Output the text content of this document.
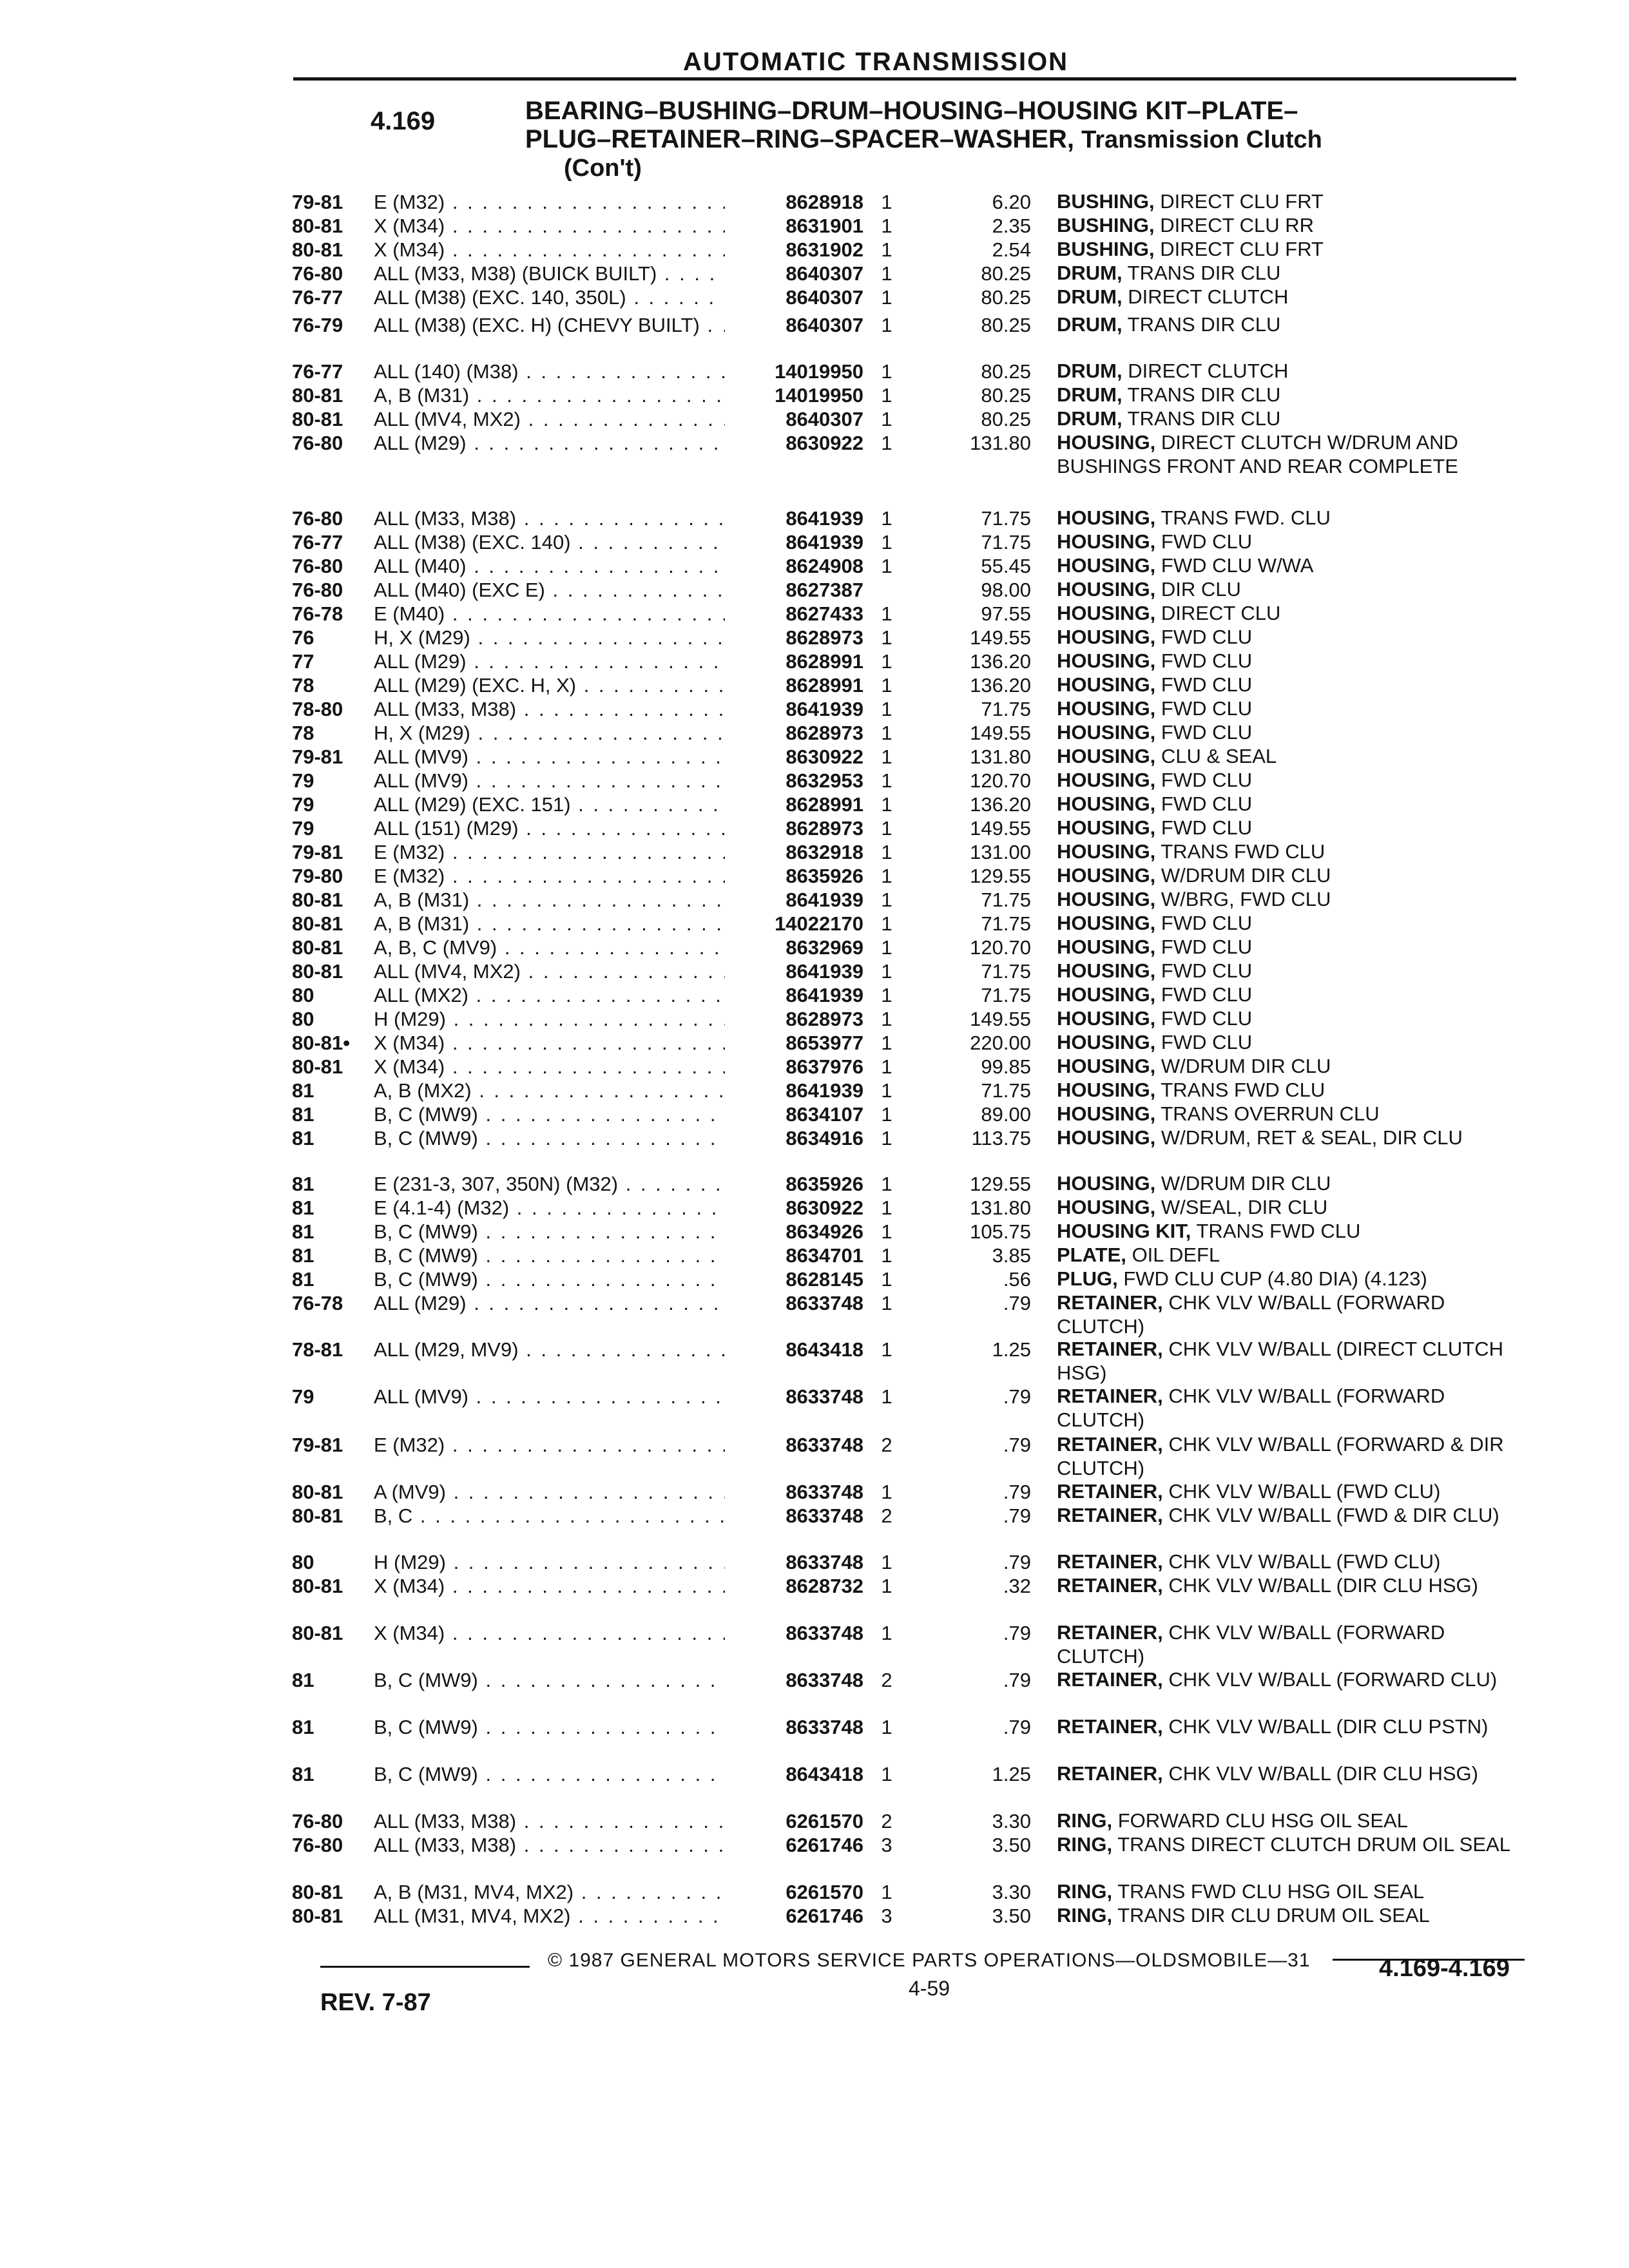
AUTOMATIC TRANSMISSION
4.169	BEARING–BUSHING–DRUM–HOUSING–HOUSING KIT–PLATE–
PLUG–RETAINER–RING–SPACER–WASHER, Transmission Clutch
(Con't)
79-81	E (M32) . . .	8628918 1	6.20 BUSHING, DIRECT CLU FRT
80-81	X (M34) . . .	8631901 1	2.35 BUSHING, DIRECT CLU RR
80-81	X (M34) . . .	8631902 1	2.54 BUSHING, DIRECT CLU FRT
76-80	ALL (M33, M38) (BUICK BUILT) . . .	8640307 1	80.25 DRUM, TRANS DIR CLU
76-77	ALL (M38) (EXC. 140, 350L) . . .	8640307 1	80.25 DRUM, DIRECT CLUTCH
76-79	ALL (M38) (EXC. H) (CHEVY BUILT) . . .	8640307 1	80.25 DRUM, TRANS DIR CLU
76-77	ALL (140) (M38) . . .	14019950 1	80.25 DRUM, DIRECT CLUTCH
80-81	A, B (M31) . . .	14019950 1	80.25 DRUM, TRANS DIR CLU
80-81	ALL (MV4, MX2) . . .	8640307 1	80.25 DRUM, TRANS DIR CLU
76-80	ALL (M29) . . .	8630922 1	131.80 HOUSING, DIRECT CLUTCH W/DRUM AND BUSHINGS FRONT AND REAR COMPLETE
76-80	ALL (M33, M38) . . .	8641939 1	71.75 HOUSING, TRANS FWD. CLU
76-77	ALL (M38) (EXC. 140) . . .	8641939 1	71.75 HOUSING, FWD CLU
76-80	ALL (M40) . . .	8624908 1	55.45 HOUSING, FWD CLU W/WA
76-80	ALL (M40) (EXC E) . . .	8627387	98.00 HOUSING, DIR CLU
76-78	E (M40) . . .	8627433 1	97.55 HOUSING, DIRECT CLU
76	H, X (M29) . . .	8628973 1	149.55 HOUSING, FWD CLU
77	ALL (M29) . . .	8628991 1	136.20 HOUSING, FWD CLU
78	ALL (M29) (EXC. H, X) . . .	8628991 1	136.20 HOUSING, FWD CLU
78-80	ALL (M33, M38) . . .	8641939 1	71.75 HOUSING, FWD CLU
78	H, X (M29) . . .	8628973 1	149.55 HOUSING, FWD CLU
79-81	ALL (MV9) . . .	8630922 1	131.80 HOUSING, CLU & SEAL
79	ALL (MV9) . . .	8632953 1	120.70 HOUSING, FWD CLU
79	ALL (M29) (EXC. 151) . . .	8628991 1	136.20 HOUSING, FWD CLU
79	ALL (151) (M29) . . .	8628973 1	149.55 HOUSING, FWD CLU
79-81	E (M32) . . .	8632918 1	131.00 HOUSING, TRANS FWD CLU
79-80	E (M32) . . .	8635926 1	129.55 HOUSING, W/DRUM DIR CLU
80-81	A, B (M31) . . .	8641939 1	71.75 HOUSING, W/BRG, FWD CLU
80-81	A, B (M31) . . .	14022170 1	71.75 HOUSING, FWD CLU
80-81	A, B, C (MV9) . . .	8632969 1	120.70 HOUSING, FWD CLU
80-81	ALL (MV4, MX2) . . .	8641939 1	71.75 HOUSING, FWD CLU
80	ALL (MX2) . . .	8641939 1	71.75 HOUSING, FWD CLU
80	H (M29) . . .	8628973 1	149.55 HOUSING, FWD CLU
80-81•	X (M34) . . .	8653977 1	220.00 HOUSING, FWD CLU
80-81	X (M34) . . .	8637976 1	99.85 HOUSING, W/DRUM DIR CLU
81	A, B (MX2) . . .	8641939 1	71.75 HOUSING, TRANS FWD CLU
81	B, C (MW9) . . .	8634107 1	89.00 HOUSING, TRANS OVERRUN CLU
81	B, C (MW9) . . .	8634916 1	113.75 HOUSING, W/DRUM, RET & SEAL, DIR CLU
81	E (231-3, 307, 350N) (M32) . . .	8635926 1	129.55 HOUSING, W/DRUM DIR CLU
81	E (4.1-4) (M32) . . .	8630922 1	131.80 HOUSING, W/SEAL, DIR CLU
81	B, C (MW9) . . .	8634926 1	105.75 HOUSING KIT, TRANS FWD CLU
81	B, C (MW9) . . .	8634701 1	3.85 PLATE, OIL DEFL
81	B, C (MW9) . . .	8628145 1	.56 PLUG, FWD CLU CUP (4.80 DIA) (4.123)
76-78	ALL (M29) . . .	8633748 1	.79 RETAINER, CHK VLV W/BALL (FORWARD CLUTCH)
78-81	ALL (M29, MV9) . . .	8643418 1	1.25 RETAINER, CHK VLV W/BALL (DIRECT CLUTCH HSG)
79	ALL (MV9) . . .	8633748 1	.79 RETAINER, CHK VLV W/BALL (FORWARD CLUTCH)
79-81	E (M32) . . .	8633748 2	.79 RETAINER, CHK VLV W/BALL (FORWARD & DIR CLUTCH)
80-81	A (MV9) . . .	8633748 1	.79 RETAINER, CHK VLV W/BALL (FWD CLU)
80-81	B, C . . .	8633748 2	.79 RETAINER, CHK VLV W/BALL (FWD & DIR CLU)
80	H (M29) . . .	8633748 1	.79 RETAINER, CHK VLV W/BALL (FWD CLU)
80-81	X (M34) . . .	8628732 1	.32 RETAINER, CHK VLV W/BALL (DIR CLU HSG)
80-81	X (M34) . . .	8633748 1	.79 RETAINER, CHK VLV W/BALL (FORWARD CLUTCH)
81	B, C (MW9) . . .	8633748 2	.79 RETAINER, CHK VLV W/BALL (FORWARD CLU)
81	B, C (MW9) . . .	8633748 1	.79 RETAINER, CHK VLV W/BALL (DIR CLU PSTN)
81	B, C (MW9) . . .	8643418 1	1.25 RETAINER, CHK VLV W/BALL (DIR CLU HSG)
76-80	ALL (M33, M38) . . .	6261570 2	3.30 RING, FORWARD CLU HSG OIL SEAL
76-80	ALL (M33, M38) . . .	6261746 3	3.50 RING, TRANS DIRECT CLUTCH DRUM OIL SEAL
80-81	A, B (M31, MV4, MX2) . . .	6261570 1	3.30 RING, TRANS FWD CLU HSG OIL SEAL
80-81	ALL (M31, MV4, MX2) . . .	6261746 3	3.50 RING, TRANS DIR CLU DRUM OIL SEAL
© 1987 GENERAL MOTORS SERVICE PARTS OPERATIONS—OLDSMOBILE—31	4.169-4.169
REV. 7-87
4-59
